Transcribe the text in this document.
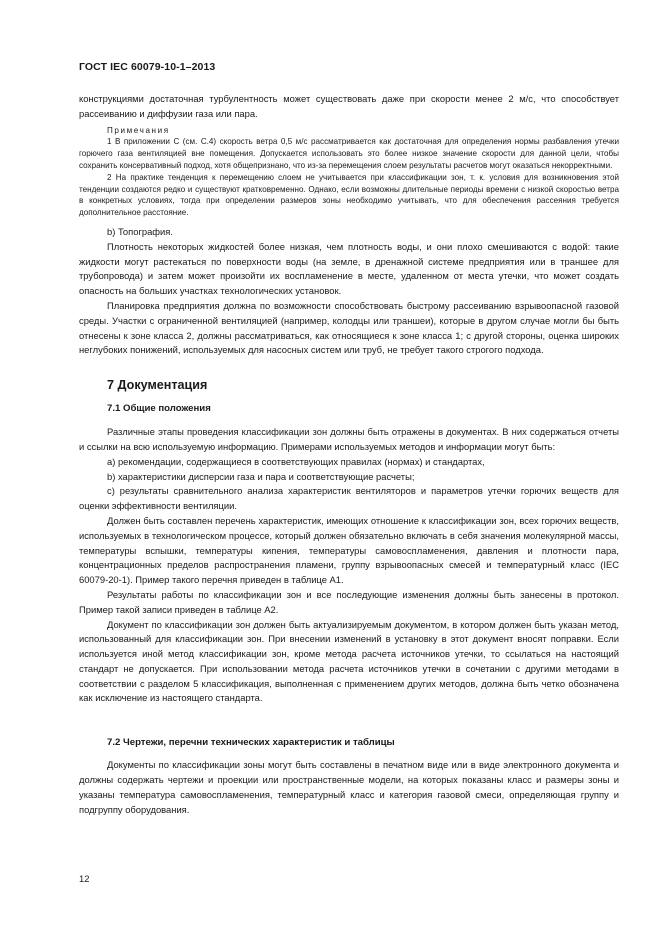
ГОСТ IEC 60079-10-1–2013

конструкциями достаточная турбулентность может существовать даже при скорости менее 2 м/с, что способствует рассеиванию и диффузии газа или пара.

Примечания

1 В приложении С (см. С.4) скорость ветра 0,5 м/с рассматривается как достаточная для определения нормы разбавления утечки горючего газа вентиляцией вне помещения. Допускается использовать это более низкое значение скорости для данной цели, чтобы сохранить консервативный подход, хотя общепризнано, что из-за перемещения слоем результаты расчетов могут оказаться некорректными.

2 На практике тенденция к перемещению слоем не учитывается при классификации зон, т. к. условия для возникновения этой тенденции создаются редко и существуют кратковременно. Однако, если возможны длительные периоды времени с низкой скоростью ветра в конкретных условиях, тогда при определении размеров зоны необходимо учитывать, что для обеспечения рассеяния требуется дополнительное расстояние.

b) Топография.

Плотность некоторых жидкостей более низкая, чем плотность воды, и они плохо смешиваются с водой: такие жидкости могут растекаться по поверхности воды (на земле, в дренажной системе предприятия или в траншее для трубопровода) и затем может произойти их воспламенение в месте, удаленном от места утечки, что может создать опасность на больших участках технологических установок.

Планировка предприятия должна по возможности способствовать быстрому рассеиванию взрывоопасной газовой среды. Участки с ограниченной вентиляцией (например, колодцы или траншеи), которые в другом случае могли бы быть отнесены к зоне класса 2, должны рассматриваться, как относящиеся к зоне класса 1; с другой стороны, оценка широких неглубоких понижений, используемых для насосных систем или труб, не требует такого строгого подхода.

7 Документация
7.1 Общие положения

Различные этапы проведения классификации зон должны быть отражены в документах. В них содержаться отчеты и ссылки на всю используемую информацию. Примерами используемых методов и информации могут быть:

а) рекомендации, содержащиеся в соответствующих правилах (нормах) и стандартах,

b) характеристики дисперсии газа и пара и соответствующие расчеты;

c) результаты сравнительного анализа характеристик вентиляторов и параметров утечки горючих веществ для оценки эффективности вентиляции.

Должен быть составлен перечень характеристик, имеющих отношение к классификации зон, всех горючих веществ, используемых в технологическом процессе, который должен обязательно включать в себя значения молекулярной массы, температуры вспышки, температуры кипения, температуры самовоспламенения, давления и плотности пара, концентрационных пределов распространения пламени, группу взрывоопасных смесей и температурный класс (IEC 60079-20-1). Пример такого перечня приведен в таблице А1.

Результаты работы по классификации зон и все последующие изменения должны быть занесены в протокол. Пример такой записи приведен в таблице А2.

Документ по классификации зон должен быть актуализируемым документом, в котором должен быть указан метод, использованный для классификации зон. При внесении изменений в установку в этот документ вносят поправки. Если используется иной метод классификации зон, кроме метода расчета источников утечки, то ссылаться на настоящий стандарт не допускается. При использовании метода расчета источников утечки в сочетании с другими методами в соответствии с разделом 5 классификация, выполненная с применением других методов, должна быть четко обозначена как исключение из настоящего стандарта.

7.2 Чертежи, перечни технических характеристик и таблицы

Документы по классификации зоны могут быть составлены в печатном виде или в виде электронного документа и должны содержать чертежи и проекции или пространственные модели, на которых показаны класс и размеры зоны и указаны температура самовоспламенения, температурный класс и категория газовой смеси, определяющая группу и подгруппу оборудования.

12
